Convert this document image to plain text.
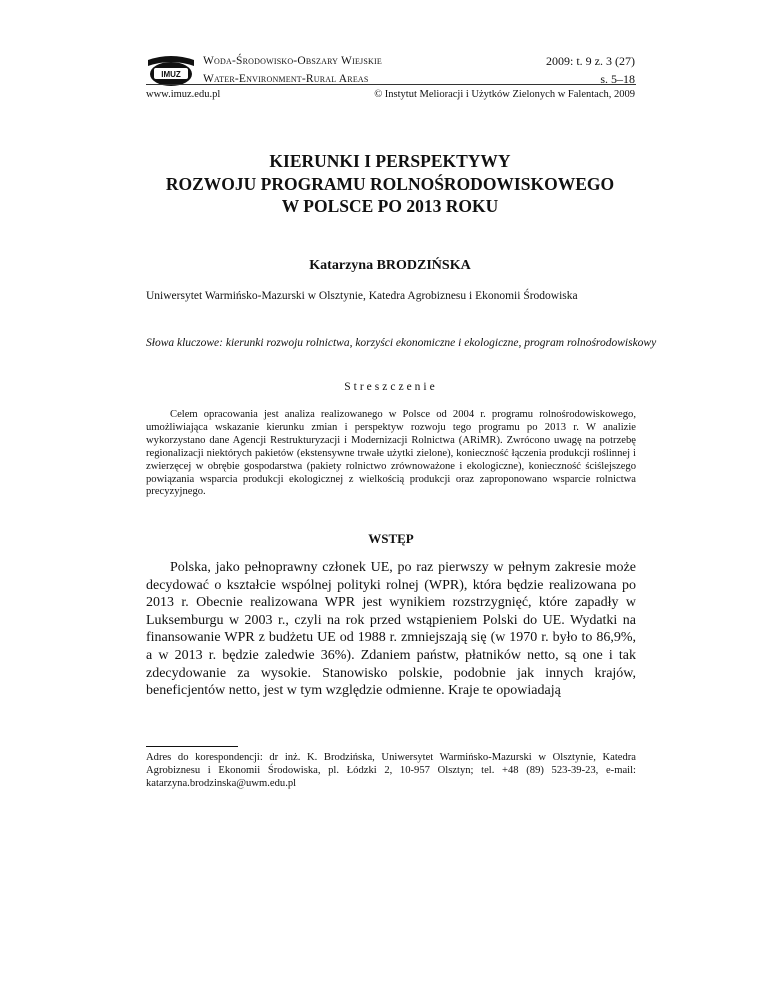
IMUZ
Woda-Środowisko-Obszary Wiejskie
Water-Environment-Rural Areas
2009: t. 9 z. 3 (27)
s. 5–18
www.imuz.edu.pl	© Instytut Melioracji i Użytków Zielonych w Falentach, 2009
KIERUNKI I PERSPEKTYWY
ROZWOJU PROGRAMU ROLNOŚRODOWISKOWEGO
W POLSCE PO 2013 ROKU
Katarzyna BRODZIŃSKA
Uniwersytet Warmińsko-Mazurski w Olsztynie, Katedra Agrobiznesu i Ekonomii Środowiska
Słowa kluczowe: kierunki rozwoju rolnictwa, korzyści ekonomiczne i ekologiczne, program rolnośrodowiskowy
Streszczenie
Celem opracowania jest analiza realizowanego w Polsce od 2004 r. programu rolnośrodowiskowego, umożliwiająca wskazanie kierunku zmian i perspektyw rozwoju tego programu po 2013 r. W analizie wykorzystano dane Agencji Restrukturyzacji i Modernizacji Rolnictwa (ARiMR). Zwrócono uwagę na potrzebę regionalizacji niektórych pakietów (ekstensywne trwałe użytki zielone), konieczność łączenia produkcji roślinnej i zwierzęcej w obrębie gospodarstwa (pakiety rolnictwo zrównoważone i ekologiczne), konieczność ściślejszego powiązania wsparcia produkcji ekologicznej z wielkością produkcji oraz zaproponowano wsparcie rolnictwa precyzyjnego.
WSTĘP
Polska, jako pełnoprawny członek UE, po raz pierwszy w pełnym zakresie może decydować o kształcie wspólnej polityki rolnej (WPR), która będzie realizowana po 2013 r. Obecnie realizowana WPR jest wynikiem rozstrzygnięć, które zapadły w Luksemburgu w 2003 r., czyli na rok przed wstąpieniem Polski do UE. Wydatki na finansowanie WPR z budżetu UE od 1988 r. zmniejszają się (w 1970 r. było to 86,9%, a w 2013 r. będzie zaledwie 36%). Zdaniem państw, płatników netto, są one i tak zdecydowanie za wysokie. Stanowisko polskie, podobnie jak innych krajów, beneficjentów netto, jest w tym względzie odmienne. Kraje te opowiadają
Adres do korespondencji: dr inż. K. Brodzińska, Uniwersytet Warmińsko-Mazurski w Olsztynie, Katedra Agrobiznesu i Ekonomii Środowiska, pl. Łódzki 2, 10-957 Olsztyn; tel. +48 (89) 523-39-23, e-mail: katarzyna.brodzinska@uwm.edu.pl
